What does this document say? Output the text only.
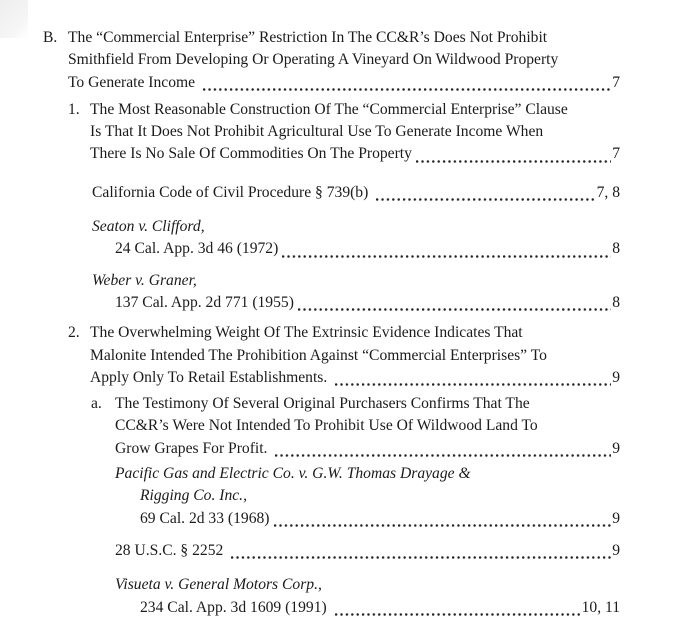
B. The “Commercial Enterprise” Restriction In The CC&R’s Does Not Prohibit
Smithfield From Developing Or Operating A Vineyard On Wildwood Property
To Generate Income	7
1. The Most Reasonable Construction Of The “Commercial Enterprise” Clause
Is That It Does Not Prohibit Agricultural Use To Generate Income When
There Is No Sale Of Commodities On The Property	7
California Code of Civil Procedure § 739(b)	7, 8
Seaton v. Clifford,
24 Cal. App. 3d 46 (1972)	8
Weber v. Graner,
137 Cal. App. 2d 771 (1955)	8
2. The Overwhelming Weight Of The Extrinsic Evidence Indicates That
Malonite Intended The Prohibition Against “Commercial Enterprises” To
Apply Only To Retail Establishments.	9
a. The Testimony Of Several Original Purchasers Confirms That The
CC&R’s Were Not Intended To Prohibit Use Of Wildwood Land To
Grow Grapes For Profit.	9
Pacific Gas and Electric Co. v. G.W. Thomas Drayage &
Rigging Co. Inc.,
69 Cal. 2d 33 (1968)	9
28 U.S.C. § 2252	9
Visueta v. General Motors Corp.,
234 Cal. App. 3d 1609 (1991)	10, 11
